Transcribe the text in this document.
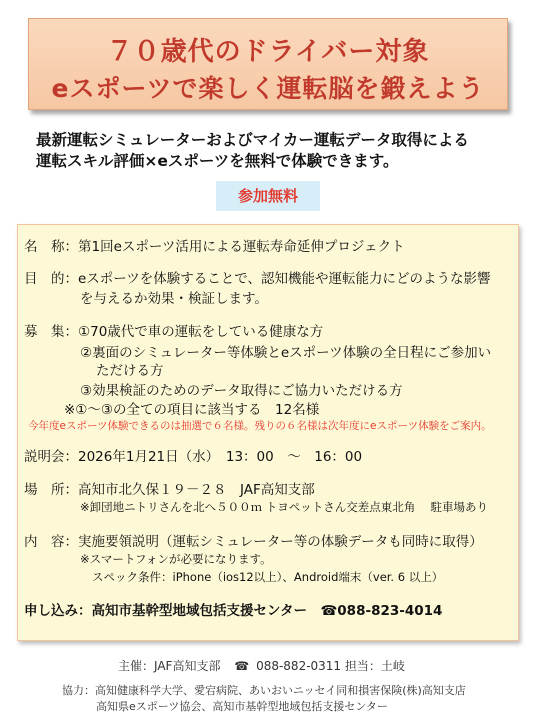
７０歳代のドライバー対象
eスポーツで楽しく運転脳を鍛えよう
最新運転シミュレーターおよびマイカー運転データ取得による
運転スキル評価×eスポーツを無料で体験できます。
参加無料
名　称：第1回eスポーツ活用による運転寿命延伸プロジェクト
目　的：eスポーツを体験することで、認知機能や運転能力にどのような影響
を与えるか効果・検証します。
募　集：①70歳代で車の運転をしている健康な方
②裏面のシミュレーター等体験とeスポーツ体験の全日程にご参加い
ただける方
③効果検証のためのデータ取得にご協力いただける方
※①～③の全ての項目に該当する　12名様
今年度eスポーツ体験できるのは抽選で６名様。残りの６名様は次年度にeスポーツ体験をご案内。
説明会：2026年1月21日（水）　13：00　～　16：00
場　所：高知市北久保１９－２８　JAF高知支部
※卸団地ニトリさんを北へ５００ｍ トヨペットさん交差点東北角　 駐車場あり
内　容：実施要領説明（運転シミュレーター等の体験データも同時に取得）
※スマートフォンが必要になります。
スペック条件：iPhone（ios12以上）、Android端末（ver. 6 以上）
申し込み：高知市基幹型地域包括支援センター　☎088-823-4014
主催：JAF高知支部 ☎ 088-882-0311 担当：土岐
協力：高知健康科学大学、愛宕病院、あいおいニッセイ同和損害保険(株)高知支店
高知県eスポーツ協会、高知市基幹型地域包括支援センター
